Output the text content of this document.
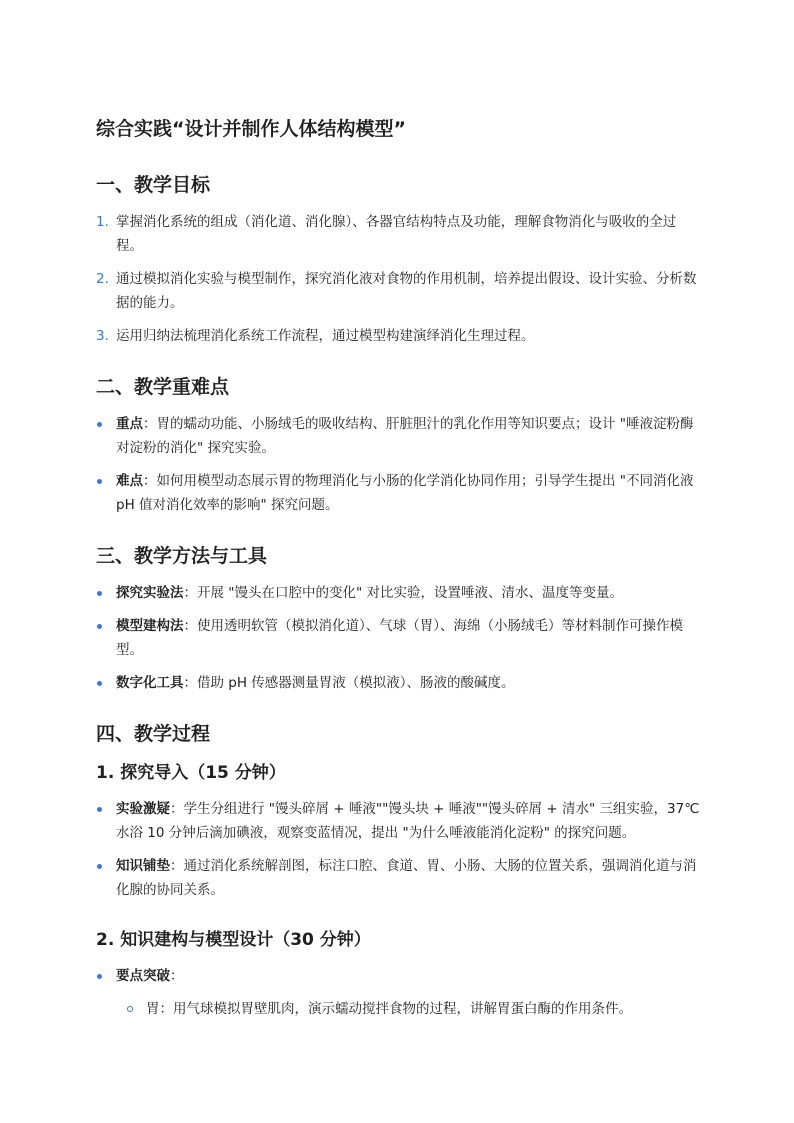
综合实践“设计并制作人体结构模型”
一、教学目标
1. 掌握消化系统的组成（消化道、消化腺）、各器官结构特点及功能，理解食物消化与吸收的全过程。
2. 通过模拟消化实验与模型制作，探究消化液对食物的作用机制，培养提出假设、设计实验、分析数据的能力。
3. 运用归纳法梳理消化系统工作流程，通过模型构建演绎消化生理过程。
二、教学重难点
重点：胃的蠕动功能、小肠绒毛的吸收结构、肝脏胆汁的乳化作用等知识要点；设计 "唾液淀粉酶对淀粉的消化" 探究实验。
难点：如何用模型动态展示胃的物理消化与小肠的化学消化协同作用；引导学生提出 "不同消化液 pH 值对消化效率的影响" 探究问题。
三、教学方法与工具
探究实验法：开展 "馒头在口腔中的变化" 对比实验，设置唾液、清水、温度等变量。
模型建构法：使用透明软管（模拟消化道）、气球（胃）、海绵（小肠绒毛）等材料制作可操作模型。
数字化工具：借助 pH 传感器测量胃液（模拟液）、肠液的酸碱度。
四、教学过程
1. 探究导入（15 分钟）
实验激疑：学生分组进行 "馒头碎屑 + 唾液""馒头块 + 唾液""馒头碎屑 + 清水" 三组实验，37℃水浴 10 分钟后滴加碘液，观察变蓝情况，提出 "为什么唾液能消化淀粉" 的探究问题。
知识铺垫：通过消化系统解剖图，标注口腔、食道、胃、小肠、大肠的位置关系，强调消化道与消化腺的协同关系。
2. 知识建构与模型设计（30 分钟）
要点突破：
胃：用气球模拟胃壁肌肉，演示蠕动搅拌食物的过程，讲解胃蛋白酶的作用条件。
